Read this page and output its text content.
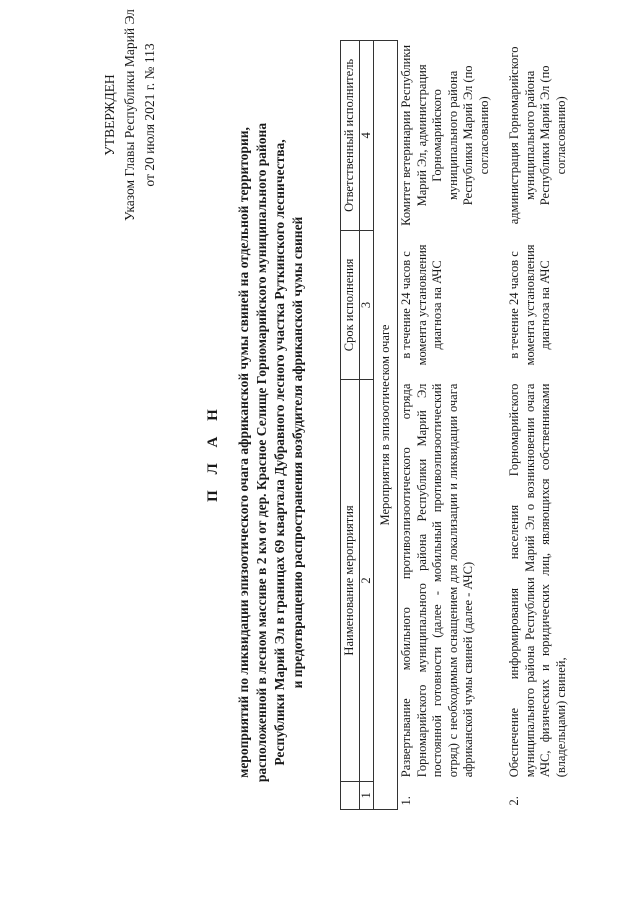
УТВЕРЖДЕН Указом Главы Республики Марий Эл от 20 июля 2021 г. № 113
П Л А Н мероприятий по ликвидации эпизоотического очага африканской чумы свиней на отдельной территории, расположенной в лесном массиве в 2 км от дер. Красное Селище Горномарийского муниципального района Республики Марий Эл в границах 69 квартала Дубравного лесного участка Руткинского лесничества, и предотвращению распространения возбудителя африканской чумы свиней
		Наименование мероприятия	Срок исполнения	Ответственный исполнитель
1	2	3	4
Мероприятия в эпизоотическом очаге			
1.	Развертывание мобильного противоэпизоотического отряда Горномарийского муниципального района Республики Марий Эл постоянной готовности (далее - мобильный противоэпизоотический отряд) с необходимым оснащением для локализации и ликвидации очага африканской чумы свиней (далее - АЧС)	в течение 24 часов с момента установления диагноза на АЧС	Комитет ветеринарии Республики Марий Эл, администрация Горномарийского муниципального района Республики Марий Эл (по согласованию)
2.	Обеспечение информирования населения Горномарийского муниципального района Республики Марий Эл о возникновении очага АЧС, физических и юридических лиц, являющихся собственниками (владельцами) свиней,	в течение 24 часов с момента установления диагноза на АЧС	администрация Горномарийского муниципального района Республики Марий Эл (по согласованию)
